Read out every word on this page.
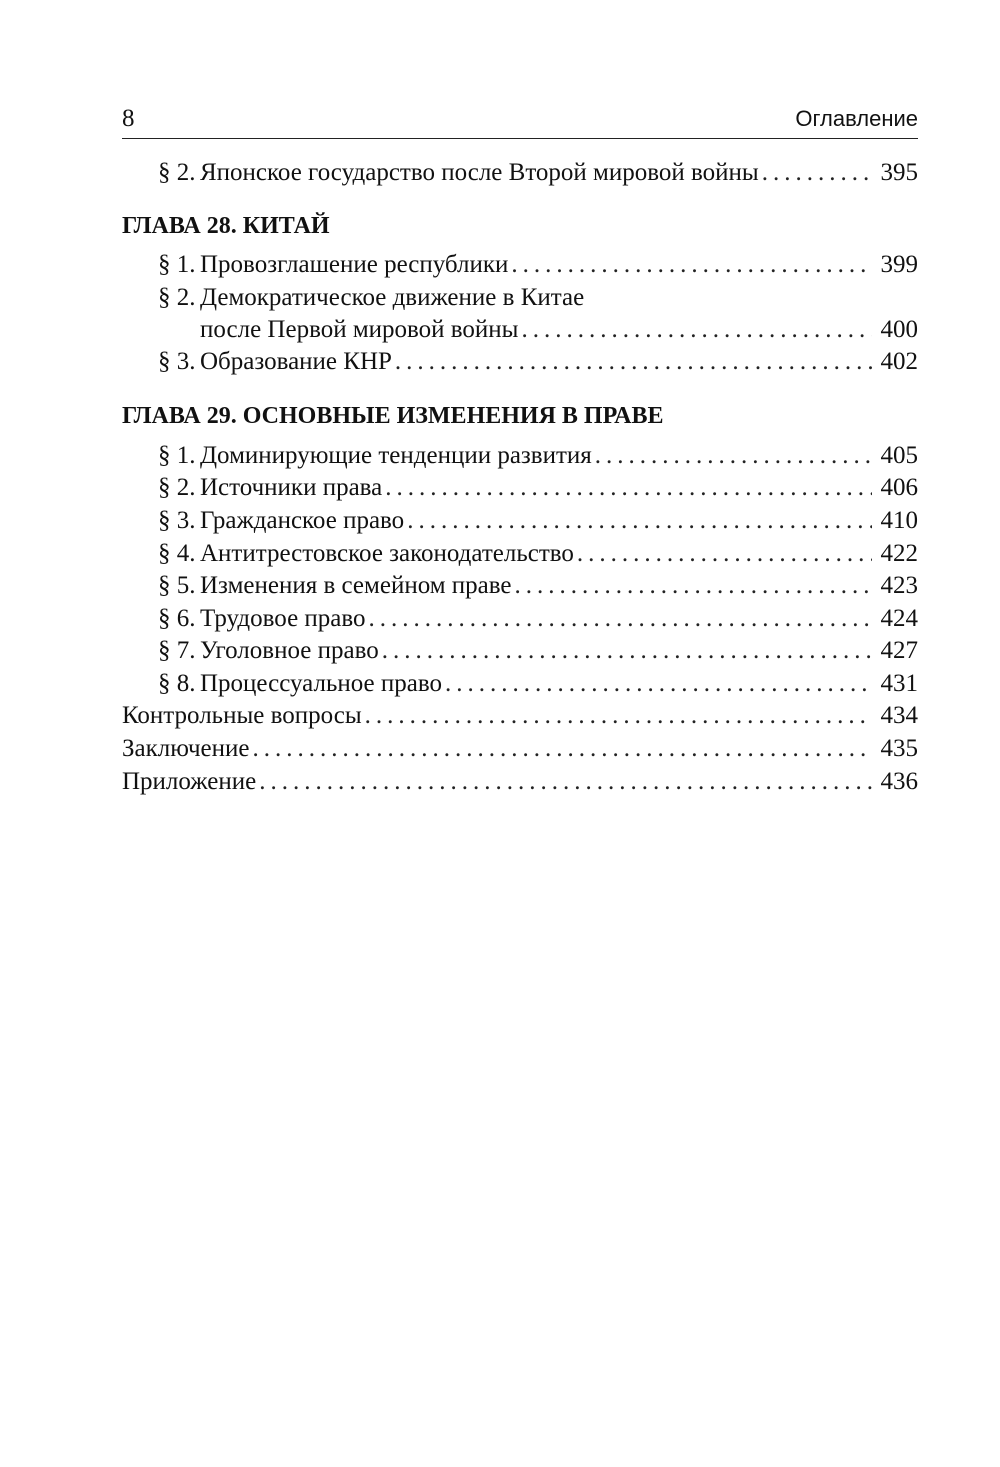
8	Оглавление
§ 2. Японское государство после Второй мировой войны .....	395
ГЛАВА 28. КИТАЙ
§ 1. Провозглашение республики .....	399
§ 2. Демократическое движение в Китае
после Первой мировой войны .....	400
§ 3. Образование КНР .....	402
ГЛАВА 29. ОСНОВНЫЕ ИЗМЕНЕНИЯ В ПРАВЕ
§ 1. Доминирующие тенденции развития .....	405
§ 2. Источники права .....	406
§ 3. Гражданское право .....	410
§ 4. Антитрестовское законодательство .....	422
§ 5. Изменения в семейном праве .....	423
§ 6. Трудовое право .....	424
§ 7. Уголовное право .....	427
§ 8. Процессуальное право .....	431
Контрольные вопросы .....	434
Заключение .....	435
Приложение .....	436
